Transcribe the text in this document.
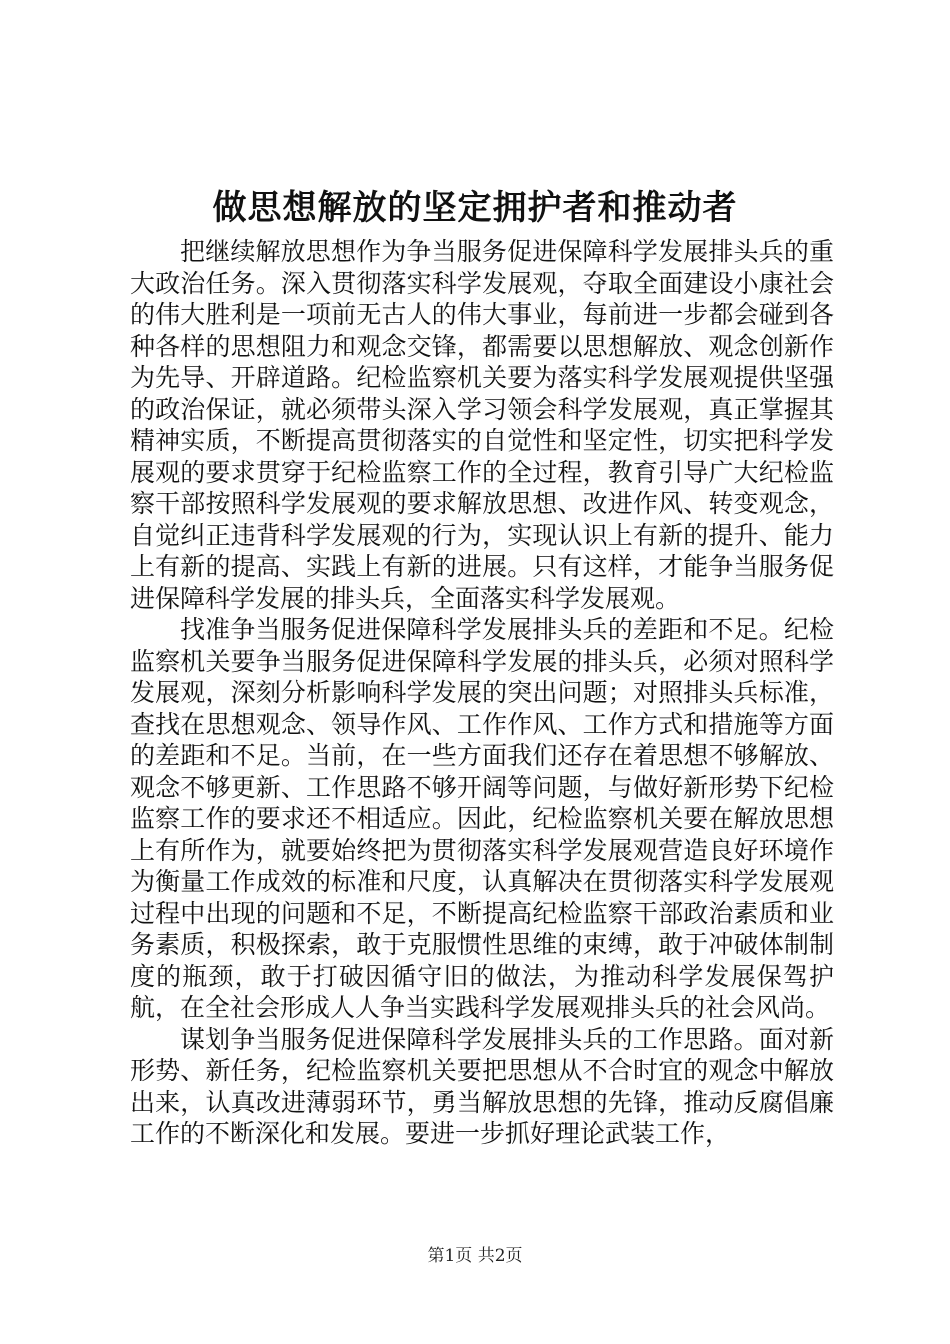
做思想解放的坚定拥护者和推动者

把继续解放思想作为争当服务促进保障科学发展排头兵的重大政治任务。深入贯彻落实科学发展观，夺取全面建设小康社会的伟大胜利是一项前无古人的伟大事业，每前进一步都会碰到各种各样的思想阻力和观念交锋，都需要以思想解放、观念创新作为先导、开辟道路。纪检监察机关要为落实科学发展观提供坚强的政治保证，就必须带头深入学习领会科学发展观，真正掌握其精神实质，不断提高贯彻落实的自觉性和坚定性，切实把科学发展观的要求贯穿于纪检监察工作的全过程，教育引导广大纪检监察干部按照科学发展观的要求解放思想、改进作风、转变观念，自觉纠正违背科学发展观的行为，实现认识上有新的提升、能力上有新的提高、实践上有新的进展。只有这样，才能争当服务促进保障科学发展的排头兵，全面落实科学发展观。

找准争当服务促进保障科学发展排头兵的差距和不足。纪检监察机关要争当服务促进保障科学发展的排头兵，必须对照科学发展观，深刻分析影响科学发展的突出问题；对照排头兵标准，查找在思想观念、领导作风、工作作风、工作方式和措施等方面的差距和不足。当前，在一些方面我们还存在着思想不够解放、观念不够更新、工作思路不够开阔等问题，与做好新形势下纪检监察工作的要求还不相适应。因此，纪检监察机关要在解放思想上有所作为，就要始终把为贯彻落实科学发展观营造良好环境作为衡量工作成效的标准和尺度，认真解决在贯彻落实科学发展观过程中出现的问题和不足，不断提高纪检监察干部政治素质和业务素质，积极探索，敢于克服惯性思维的束缚，敢于冲破体制制度的瓶颈，敢于打破因循守旧的做法，为推动科学发展保驾护航，在全社会形成人人争当实践科学发展观排头兵的社会风尚。

谋划争当服务促进保障科学发展排头兵的工作思路。面对新形势、新任务，纪检监察机关要把思想从不合时宜的观念中解放出来，认真改进薄弱环节，勇当解放思想的先锋，推动反腐倡廉工作的不断深化和发展。要进一步抓好理论武装工作，

第1页 共2页
